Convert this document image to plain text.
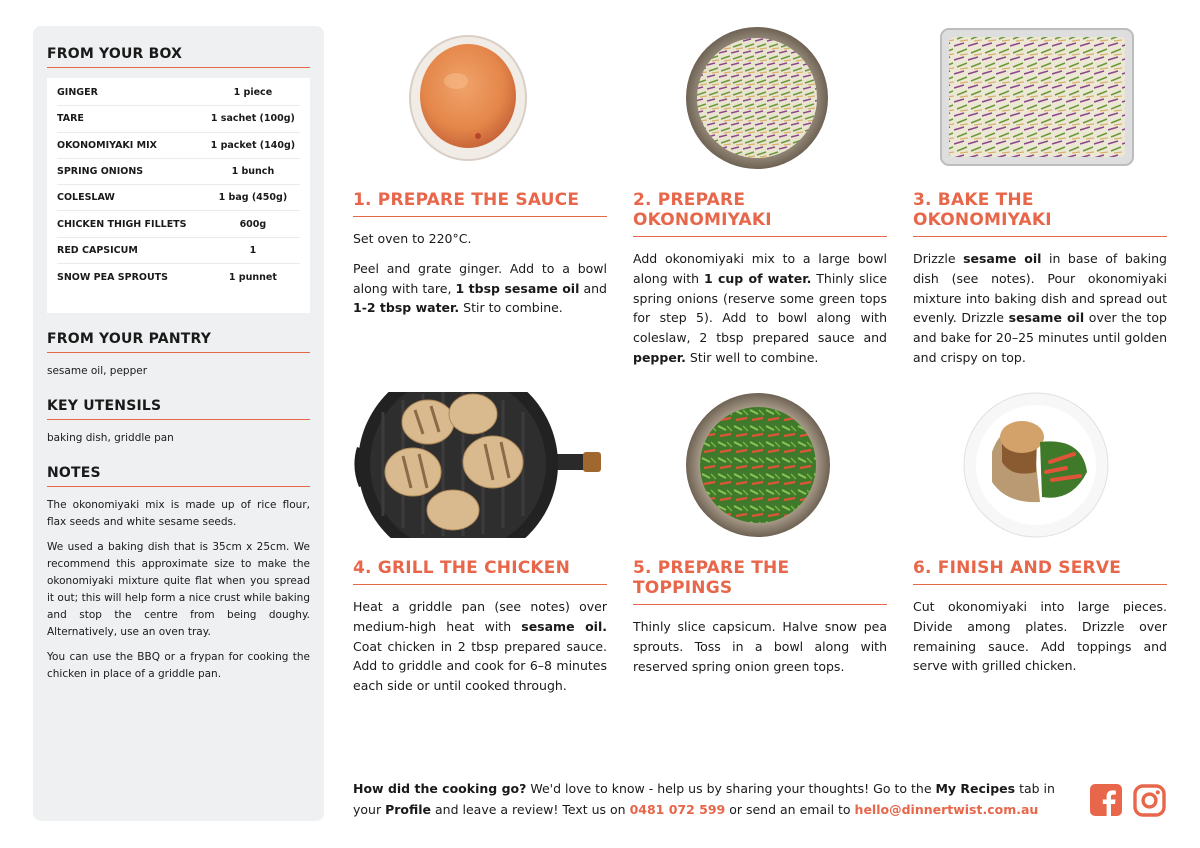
FROM YOUR BOX
GINGER	1 piece
TARE	1 sachet (100g)
OKONOMIYAKI MIX	1 packet (140g)
SPRING ONIONS	1 bunch
COLESLAW	1 bag (450g)
CHICKEN THIGH FILLETS	600g
RED CAPSICUM	1
SNOW PEA SPROUTS	1 punnet
FROM YOUR PANTRY
sesame oil, pepper
KEY UTENSILS
baking dish, griddle pan
NOTES

The okonomiyaki mix is made up of rice flour, flax seeds and white sesame seeds.

We used a baking dish that is 35cm x 25cm. We recommend this approximate size to make the okonomiyaki mixture quite flat when you spread it out; this will help form a nice crust while baking and stop the centre from being doughy. Alternatively, use an oven tray.

You can use the BBQ or a frypan for cooking the chicken in place of a griddle pan.

1. PREPARE THE SAUCE

Set oven to 220°C.

Peel and grate ginger. Add to a bowl along with tare, 1 tbsp sesame oil and 1-2 tbsp water. Stir to combine.

2. PREPARE OKONOMIYAKI

Add okonomiyaki mix to a large bowl along with 1 cup of water. Thinly slice spring onions (reserve some green tops for step 5). Add to bowl along with coleslaw, 2 tbsp prepared sauce and pepper. Stir well to combine.

3. BAKE THE OKONOMIYAKI

Drizzle sesame oil in base of baking dish (see notes). Pour okonomiyaki mixture into baking dish and spread out evenly. Drizzle sesame oil over the top and bake for 20–25 minutes until golden and crispy on top.

4. GRILL THE CHICKEN

Heat a griddle pan (see notes) over medium-high heat with sesame oil. Coat chicken in 2 tbsp prepared sauce. Add to griddle and cook for 6–8 minutes each side or until cooked through.

5. PREPARE THE TOPPINGS

Thinly slice capsicum. Halve snow pea sprouts. Toss in a bowl along with reserved spring onion green tops.

6. FINISH AND SERVE

Cut okonomiyaki into large pieces. Divide among plates. Drizzle over remaining sauce. Add toppings and serve with grilled chicken.

How did the cooking go? We'd love to know - help us by sharing your thoughts! Go to the My Recipes tab in your Profile and leave a review! Text us on 0481 072 599 or send an email to hello@dinnertwist.com.au
